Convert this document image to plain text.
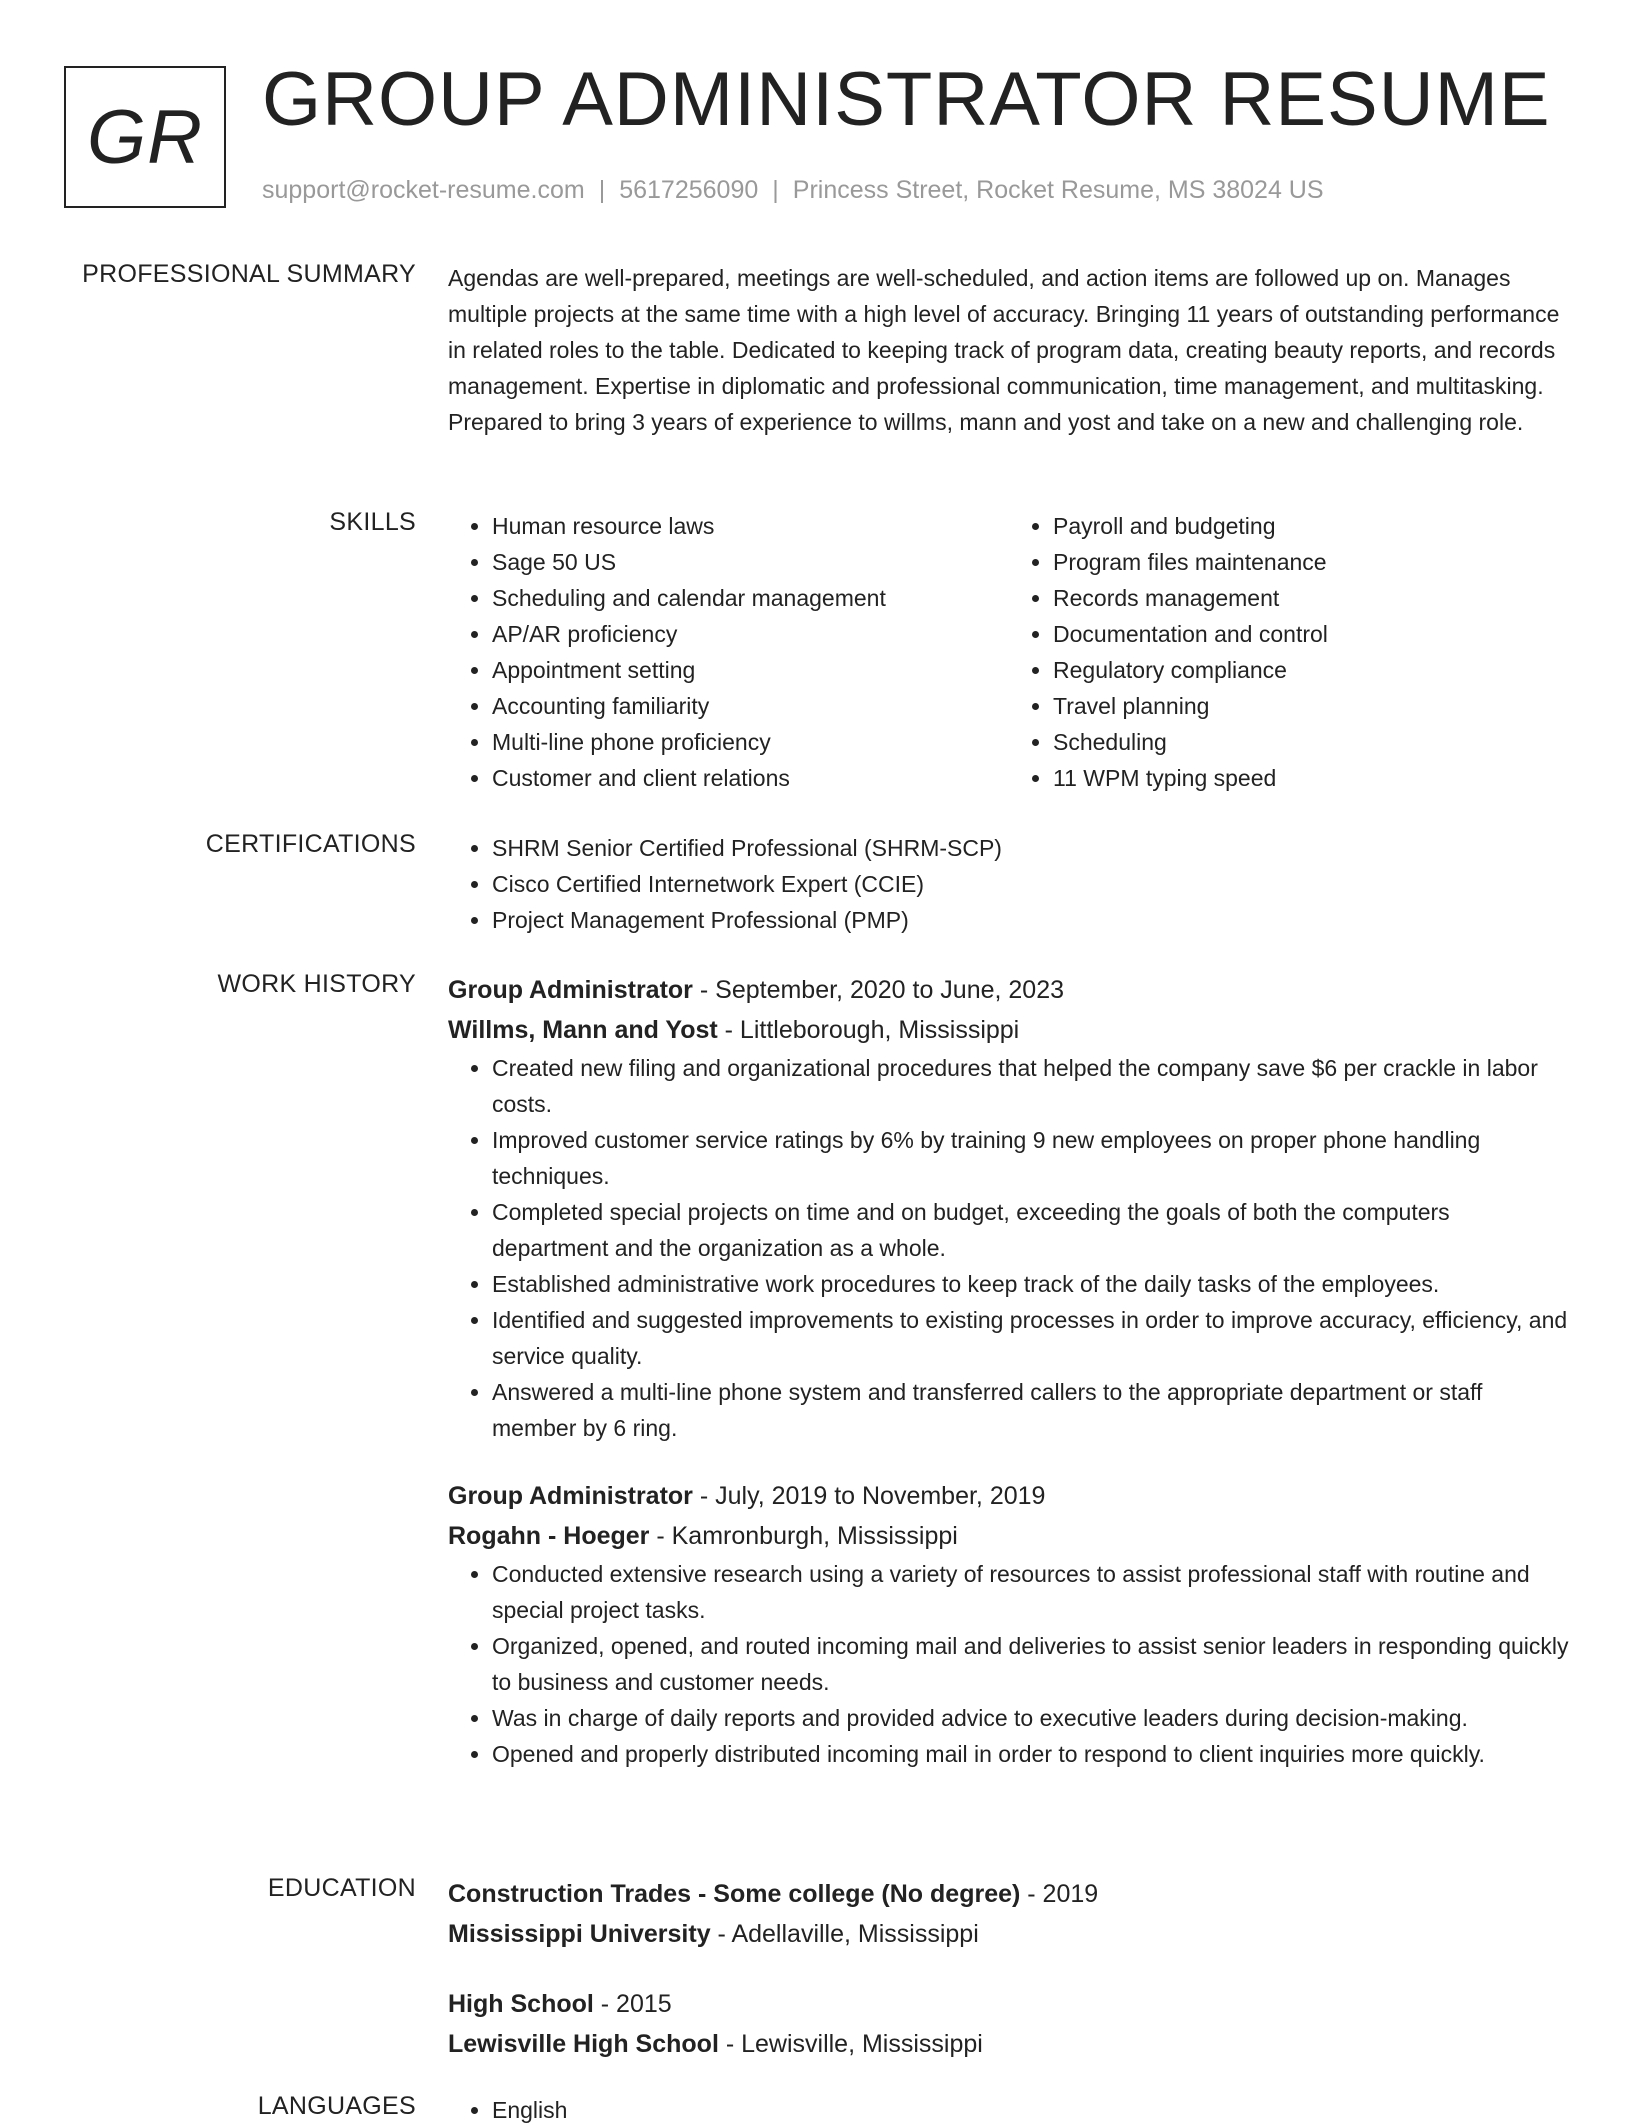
GR GROUP ADMINISTRATOR RESUME
support@rocket-resume.com | 5617256090 | Princess Street, Rocket Resume, MS 38024 US
PROFESSIONAL SUMMARY Agendas are well-prepared, meetings are well-scheduled, and action items are followed up on. Manages multiple projects at the same time with a high level of accuracy. Bringing 11 years of outstanding performance in related roles to the table. Dedicated to keeping track of program data, creating beauty reports, and records management. Expertise in diplomatic and professional communication, time management, and multitasking. Prepared to bring 3 years of experience to willms, mann and yost and take on a new and challenging role.
SKILLS	• Human resource laws
• Sage 50 US
• Scheduling and calendar management
• AP/AR proficiency
• Appointment setting
• Accounting familiarity
• Multi-line phone proficiency
• Customer and client relations
• Payroll and budgeting
• Program files maintenance
• Records management
• Documentation and control
• Regulatory compliance
• Travel planning
• Scheduling
• 11 WPM typing speed
CERTIFICATIONS	• SHRM Senior Certified Professional (SHRM-SCP)
• Cisco Certified Internetwork Expert (CCIE)
• Project Management Professional (PMP)
WORK HISTORY Group Administrator - September, 2020 to June, 2023
Willms, Mann and Yost - Littleborough, Mississippi
• Created new filing and organizational procedures that helped the company save $6 per crackle in labor costs.
• Improved customer service ratings by 6% by training 9 new employees on proper phone handling techniques.
• Completed special projects on time and on budget, exceeding the goals of both the computers department and the organization as a whole.
• Established administrative work procedures to keep track of the daily tasks of the employees.
• Identified and suggested improvements to existing processes in order to improve accuracy, efficiency, and service quality.
• Answered a multi-line phone system and transferred callers to the appropriate department or staff member by 6 ring.
Group Administrator - July, 2019 to November, 2019
Rogahn - Hoeger - Kamronburgh, Mississippi
• Conducted extensive research using a variety of resources to assist professional staff with routine and special project tasks.
• Organized, opened, and routed incoming mail and deliveries to assist senior leaders in responding quickly to business and customer needs.
• Was in charge of daily reports and provided advice to executive leaders during decision-making.
• Opened and properly distributed incoming mail in order to respond to client inquiries more quickly.
EDUCATION Construction Trades - Some college (No degree) - 2019
Mississippi University - Adellaville, Mississippi
High School - 2015
Lewisville High School - Lewisville, Mississippi
LANGUAGES	• English
